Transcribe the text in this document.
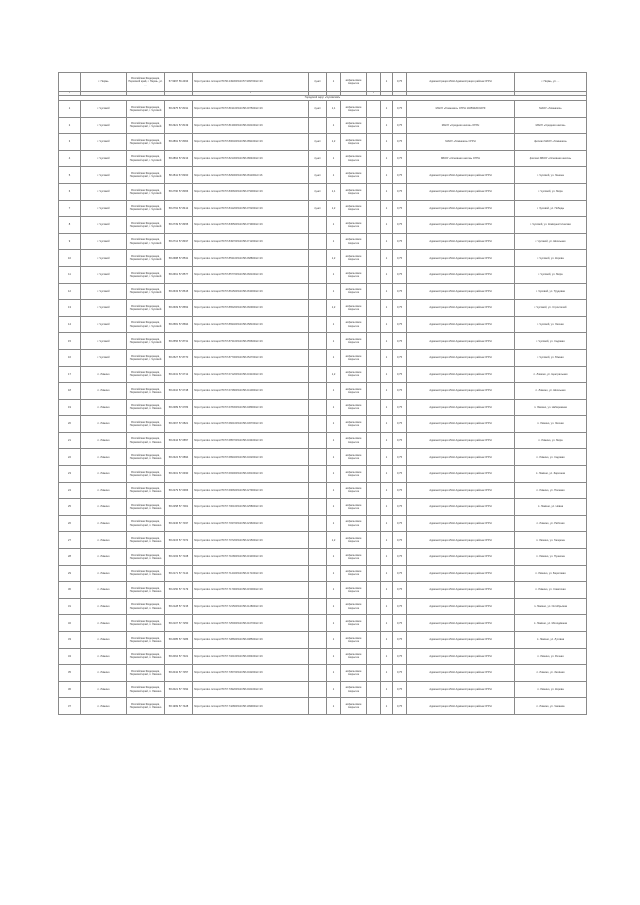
	г. Пермь	Российская Федерация, Пермский край, г. Пермь, ул. ...	57.9997 56.2493	https://yandex.ru/maps/?ll=56.249300%2C57.999700&z=16	пункт	1	асфальтовое покрытие		1	0,75	Администрация ИНН Администрация района ОГРН	г. Пермь, ул. ...
1				1				1				
Городской округ «Чусовской»												
1	г. Чусовой	Российская Федерация, Пермский край, г. Чусовой	58.2975 57.8191	https://yandex.ru/maps/?ll=57.819100%2C58.297500&z=16	пункт	1,1	асфальтовое покрытие		1	0,75	МАОУ «Гимназия» ОГРН 1025902031979	МАОУ «Гимназия»
2	г. Чусовой	Российская Федерация, Пермский край, г. Чусовой	58.2921 57.8139	https://yandex.ru/maps/?ll=57.813900%2C58.292100&z=16		1	асфальтовое покрытие		1	0,75	МАОУ «Средняя школа» ОГРН	МАОУ «Средняя школа»
3	г. Чусовой	Российская Федерация, Пермский край, г. Чусовой	58.2891 57.8064	https://yandex.ru/maps/?ll=57.806400%2C58.289100&z=16	пункт	1,2	асфальтовое покрытие		1	0,75	МАОУ «Гимназия» ОГРН	филиал МАОУ «Гимназия»
4	г. Чусовой	Российская Федерация, Пермский край, г. Чусовой	58.2864 57.8213	https://yandex.ru/maps/?ll=57.821300%2C58.286400&z=16	пункт	1	асфальтовое покрытие		1	0,75	МБОУ «Основная школа» ОГРН	филиал МБОУ «Основная школа»
5	г. Чусовой	Российская Федерация, Пермский край, г. Чусовой	58.2811 57.8290	https://yandex.ru/maps/?ll=57.829000%2C58.281100&z=16	пункт	1	асфальтовое покрытие		1	0,75	Администрация ИНН Администрация района ОГРН	г. Чусовой, ул. Ленина
6	г. Чусовой	Российская Федерация, Пермский край, г. Чусовой	58.2790 57.8366	https://yandex.ru/maps/?ll=57.836600%2C58.279000&z=16	пункт	1,1	асфальтовое покрытие		1	0,75	Администрация ИНН Администрация района ОГРН	г. Чусовой, ул. Мира
7	г. Чусовой	Российская Федерация, Пермский край, г. Чусовой	58.2762 57.8412	https://yandex.ru/maps/?ll=57.841200%2C58.276200&z=16	пункт	1,2	асфальтовое покрытие		1	0,75	Администрация ИНН Администрация района ОГРН	г. Чусовой, ул. Победы
8	г. Чусовой	Российская Федерация, Пермский край, г. Чусовой	58.2739 57.8455	https://yandex.ru/maps/?ll=57.845500%2C58.273900&z=16		1	асфальтовое покрытие		1	0,75	Администрация ИНН Администрация района ОГРН	г. Чусовой, ул. Коммунистическая
9	г. Чусовой	Российская Федерация, Пермский край, г. Чусовой	58.2712 57.8497	https://yandex.ru/maps/?ll=57.849700%2C58.271200&z=16		1	асфальтовое покрытие		1	0,75	Администрация ИНН Администрация района ОГРН	г. Чусовой, ул. Школьная
10	г. Чусовой	Российская Федерация, Пермский край, г. Чусовой	58.2688 57.8531	https://yandex.ru/maps/?ll=57.853100%2C58.268800&z=16		1,2	асфальтовое покрытие		1	0,75	Администрация ИНН Администрация района ОГРН	г. Чусовой, ул. Кирова
11	г. Чусовой	Российская Федерация, Пермский край, г. Чусовой	58.2661 57.8577	https://yandex.ru/maps/?ll=57.857700%2C58.266100&z=16		1	асфальтовое покрытие		1	0,75	Администрация ИНН Администрация района ОГРН	г. Чусовой, ул. Мира
12	г. Чусовой	Российская Федерация, Пермский край, г. Чусовой	58.2633 57.8615	https://yandex.ru/maps/?ll=57.861500%2C58.263300&z=16		1	асфальтовое покрытие		1	0,75	Администрация ИНН Администрация района ОГРН	г. Чусовой, ул. Трудовая
13	г. Чусовой	Российская Федерация, Пермский край, г. Чусовой	58.2609 57.8652	https://yandex.ru/maps/?ll=57.865200%2C58.260900&z=16		1,2	асфальтовое покрытие		1	0,75	Администрация ИНН Администрация района ОГРН	г. Чусовой, ул. Строителей
14	г. Чусовой	Российская Федерация, Пермский край, г. Чусовой	58.2581 57.8694	https://yandex.ru/maps/?ll=57.869400%2C58.258100&z=16		1	асфальтовое покрытие		1	0,75	Администрация ИНН Администрация района ОГРН	г. Чусовой, ул. Лесная
15	г. Чусовой	Российская Федерация, Пермский край, г. Чусовой	58.2556 57.8731	https://yandex.ru/maps/?ll=57.873100%2C58.255600&z=16		1	асфальтовое покрытие		1	0,75	Администрация ИНН Администрация района ОГРН	г. Чусовой, ул. Садовая
16	г. Чусовой	Российская Федерация, Пермский край, г. Чусовой	58.2527 57.8770	https://yandex.ru/maps/?ll=57.877000%2C58.252700&z=16		1	асфальтовое покрытие		1	0,75	Администрация ИНН Администрация района ОГРН	г. Чусовой, ул. Южная
17	п. Лямино	Российская Федерация, Пермский край, п. Лямино	58.2431 57.6712	https://yandex.ru/maps/?ll=57.671200%2C58.243100&z=16		1,2	асфальтовое покрытие		1	0,75	Администрация ИНН Администрация района ОГРН	п. Лямино, ул. Центральная
18	п. Лямино	Российская Федерация, Пермский край, п. Лямино	58.2410 57.6748	https://yandex.ru/maps/?ll=57.674800%2C58.241000&z=16		1	асфальтовое покрытие		1	0,75	Администрация ИНН Администрация района ОГРН	п. Лямино, ул. Школьная
19	п. Лямино	Российская Федерация, Пермский край, п. Лямино	58.2389 57.6783	https://yandex.ru/maps/?ll=57.678300%2C58.238900&z=16		1	асфальтовое покрытие		1	0,75	Администрация ИНН Администрация района ОГРН	п. Лямино, ул. Набережная
20	п. Лямино	Российская Федерация, Пермский край, п. Лямино	58.2367 57.6821	https://yandex.ru/maps/?ll=57.682100%2C58.236700&z=16		1	асфальтовое покрытие		1	0,75	Администрация ИНН Администрация района ОГРН	п. Лямино, ул. Лесная
21	п. Лямино	Российская Федерация, Пермский край, п. Лямино	58.2344 57.6857	https://yandex.ru/maps/?ll=57.685700%2C58.234400&z=16		1	асфальтовое покрытие		1	0,75	Администрация ИНН Администрация района ОГРН	п. Лямино, ул. Мира
22	п. Лямино	Российская Федерация, Пермский край, п. Лямино	58.2322 57.6894	https://yandex.ru/maps/?ll=57.689400%2C58.232200&z=16		1	асфальтовое покрытие		1	0,75	Администрация ИНН Администрация района ОГРН	п. Лямино, ул. Садовая
23	п. Лямино	Российская Федерация, Пермский край, п. Лямино	58.2301 57.6930	https://yandex.ru/maps/?ll=57.693000%2C58.230100&z=16		1	асфальтовое покрытие		1	0,75	Администрация ИНН Администрация района ОГРН	п. Лямино, ул. Заречная
24	п. Лямино	Российская Федерация, Пермский край, п. Лямино	58.2279 57.6966	https://yandex.ru/maps/?ll=57.696600%2C58.227900&z=16		1	асфальтовое покрытие		1	0,75	Администрация ИНН Администрация района ОГРН	п. Лямино, ул. Полевая
25	п. Лямино	Российская Федерация, Пермский край, п. Лямино	58.2258 57.7001	https://yandex.ru/maps/?ll=57.700100%2C58.225800&z=16		1	асфальтовое покрытие		1	0,75	Администрация ИНН Администрация района ОГРН	п. Лямино, ул. Новая
26	п. Лямино	Российская Федерация, Пермский край, п. Лямино	58.2236 57.7037	https://yandex.ru/maps/?ll=57.703700%2C58.223600&z=16		1	асфальтовое покрытие		1	0,75	Администрация ИНН Администрация района ОГРН	п. Лямино, ул. Рабочая
27	п. Лямино	Российская Федерация, Пермский край, п. Лямино	58.2215 57.7072	https://yandex.ru/maps/?ll=57.707200%2C58.221500&z=16		1,2	асфальтовое покрытие		1	0,75	Администрация ИНН Администрация района ОГРН	п. Лямино, ул. Гагарина
28	п. Лямино	Российская Федерация, Пермский край, п. Лямино	58.2193 57.7108	https://yandex.ru/maps/?ll=57.710800%2C58.219300&z=16		1	асфальтовое покрытие		1	0,75	Администрация ИНН Администрация района ОГРН	п. Лямино, ул. Пушкина
29	п. Лямино	Российская Федерация, Пермский край, п. Лямино	58.2171 57.7144	https://yandex.ru/maps/?ll=57.714400%2C58.217100&z=16		1	асфальтовое покрытие		1	0,75	Администрация ИНН Администрация района ОГРН	п. Лямино, ул. Береговая
30	п. Лямино	Российская Федерация, Пермский край, п. Лямино	58.2150 57.7179	https://yandex.ru/maps/?ll=57.717900%2C58.215000&z=16		1	асфальтовое покрытие		1	0,75	Администрация ИНН Администрация района ОГРН	п. Лямино, ул. Советская
31	п. Лямино	Российская Федерация, Пермский край, п. Лямино	58.2128 57.7215	https://yandex.ru/maps/?ll=57.721500%2C58.212800&z=16		1	асфальтовое покрытие		1	0,75	Администрация ИНН Администрация района ОГРН	п. Лямино, ул. Октябрьская
32	п. Лямино	Российская Федерация, Пермский край, п. Лямино	58.2107 57.7250	https://yandex.ru/maps/?ll=57.725000%2C58.210700&z=16		1	асфальтовое покрытие		1	0,75	Администрация ИНН Администрация района ОГРН	п. Лямино, ул. Молодёжная
33	п. Лямино	Российская Федерация, Пермский край, п. Лямино	58.2085 57.7286	https://yandex.ru/maps/?ll=57.728600%2C58.208500&z=16		1	асфальтовое покрытие		1	0,75	Администрация ИНН Администрация района ОГРН	п. Лямино, ул. Луговая
34	п. Лямино	Российская Федерация, Пермский край, п. Лямино	58.2064 57.7321	https://yandex.ru/maps/?ll=57.732100%2C58.206400&z=16		1	асфальтовое покрытие		1	0,75	Администрация ИНН Администрация района ОГРН	п. Лямино, ул. Речная
35	п. Лямино	Российская Федерация, Пермский край, п. Лямино	58.2042 57.7357	https://yandex.ru/maps/?ll=57.735700%2C58.204200&z=16		1	асфальтовое покрытие		1	0,75	Администрация ИНН Администрация района ОГРН	п. Лямино, ул. Зелёная
36	п. Лямино	Российская Федерация, Пермский край, п. Лямино	58.2021 57.7392	https://yandex.ru/maps/?ll=57.739200%2C58.202100&z=16		1	асфальтовое покрытие		1	0,75	Администрация ИНН Администрация района ОГРН	п. Лямино, ул. Кирова
37	п. Лямино	Российская Федерация, Пермский край, п. Лямино	58.1999 57.7428	https://yandex.ru/maps/?ll=57.742800%2C58.199900&z=16		1	асфальтовое покрытие		1	0,75	Администрация ИНН Администрация района ОГРН	п. Лямино, ул. Чапаева
